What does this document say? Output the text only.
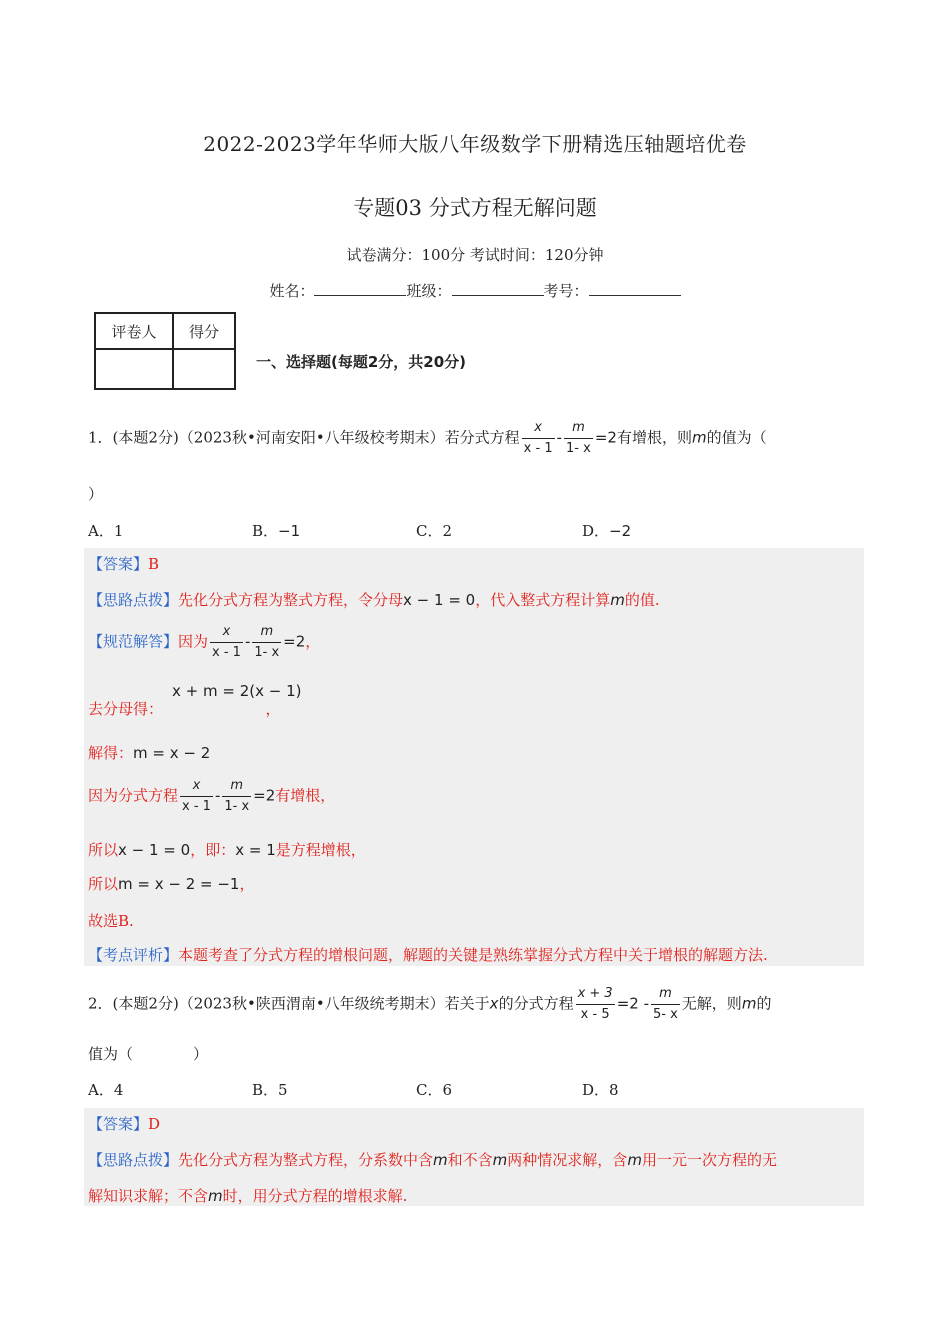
2022-2023学年华师大版八年级数学下册精选压轴题培优卷
专题03 分式方程无解问题
试卷满分：100分 考试时间：120分钟
姓名：	班级：	考号：
评卷人	得分

一、选择题(每题2分，共20分)
1．(本题2分)（2023秋•河南安阳•八年级校考期末）若分式方程 $\frac{x}{x - 1} - \frac{m}{1- x} =2$有增根，则m的值为（
）
A．1	B．−1	C．2	D．−2
【答案】B
【思路点拨】先化分式方程为整式方程，令分母x − 1 = 0，代入整式方程计算m的值.
【规范解答】因为 $\frac{x}{x - 1} - \frac{m}{1- x} =2$，
x + m = 2(x − 1)
去分母得：	，
解得：m = x − 2
因为分式方程 $\frac{x}{x - 1} - \frac{m}{1- x} =2$有增根，
所以x − 1 = 0，即：x = 1是方程增根，
所以m = x − 2 = −1，
故选B.
【考点评析】本题考查了分式方程的增根问题，解题的关键是熟练掌握分式方程中关于增根的解题方法.
2．(本题2分)（2023秋•陕西渭南•八年级统考期末）若关于x的分式方程 $\frac{x + 3}{x - 5} =2 - \frac{m}{5- x}$ 无解，则m的
值为（　　　　）
A．4	B．5	C．6	D．8
【答案】D
【思路点拨】先化分式方程为整式方程，分系数中含m和不含m两种情况求解，含m用一元一次方程的无
解知识求解；不含m时，用分式方程的增根求解.
